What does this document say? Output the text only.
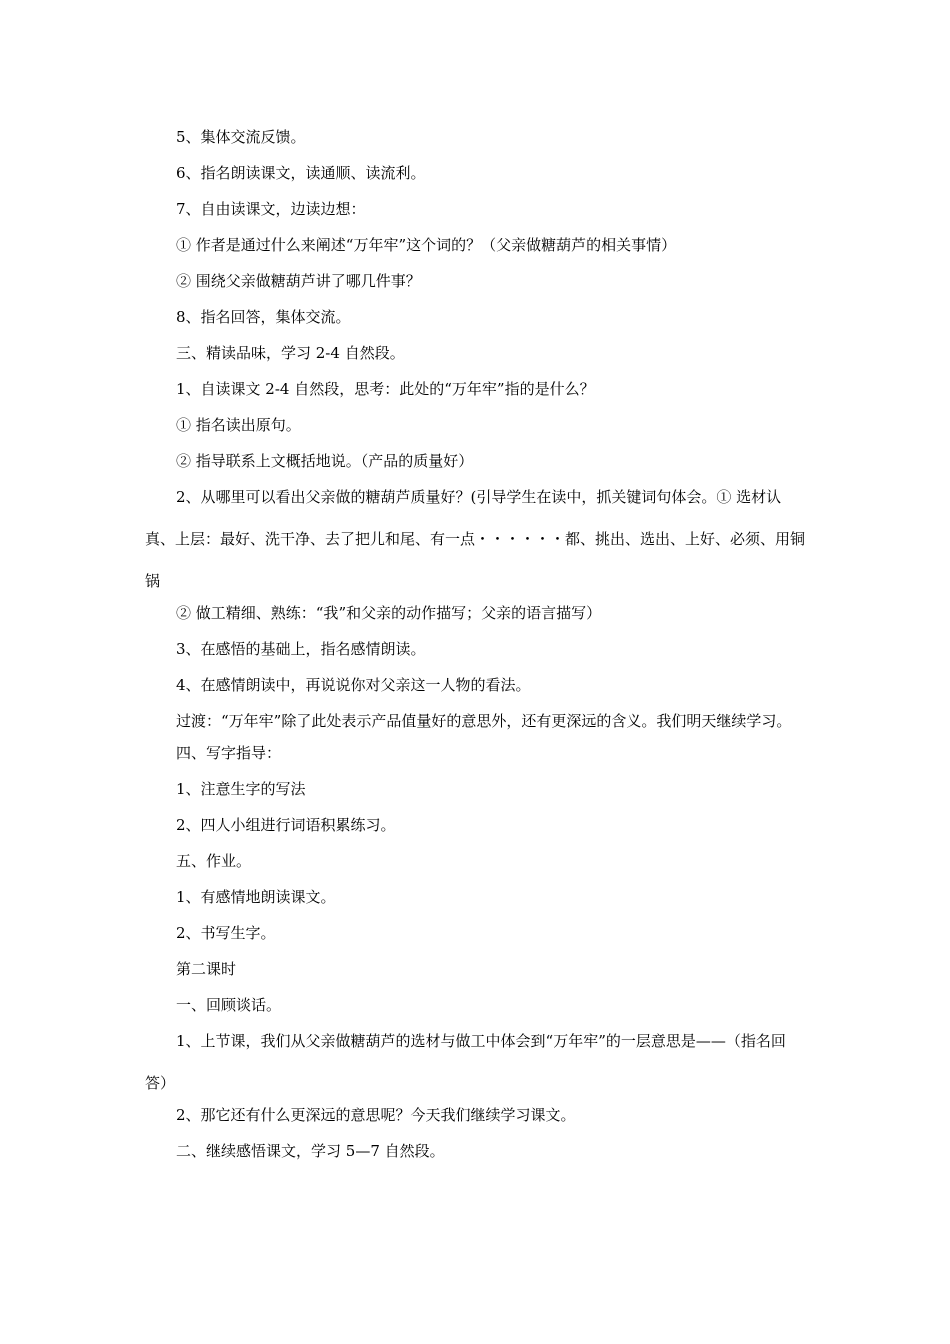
5、集体交流反馈。

6、指名朗读课文，读通顺、读流利。

7、自由读课文，边读边想：

① 作者是通过什么来阐述“万年牢”这个词的？（父亲做糖葫芦的相关事情）

② 围绕父亲做糖葫芦讲了哪几件事？

8、指名回答，集体交流。

三、精读品味，学习 2-4 自然段。

1、自读课文 2-4 自然段，思考：此处的“万年牢”指的是什么？

① 指名读出原句。

② 指导联系上文概括地说。（产品的质量好）

2、从哪里可以看出父亲做的糖葫芦质量好？(引导学生在读中，抓关键词句体会。① 选材认真、上层：最好、洗干净、去了把儿和尾、有一点・・・・・・都、挑出、选出、上好、必须、用铜锅

② 做工精细、熟练：“我”和父亲的动作描写；父亲的语言描写）

3、在感悟的基础上，指名感情朗读。

4、在感情朗读中，再说说你对父亲这一人物的看法。

过渡：“万年牢”除了此处表示产品值量好的意思外，还有更深远的含义。我们明天继续学习。

四、写字指导：

1、注意生字的写法

2、四人小组进行词语积累练习。

五、作业。

1、有感情地朗读课文。

2、书写生字。

第二课时

一、回顾谈话。

1、上节课，我们从父亲做糖葫芦的选材与做工中体会到“万年牢”的一层意思是——（指名回答）

2、那它还有什么更深远的意思呢？今天我们继续学习课文。

二、继续感悟课文，学习 5—7 自然段。
